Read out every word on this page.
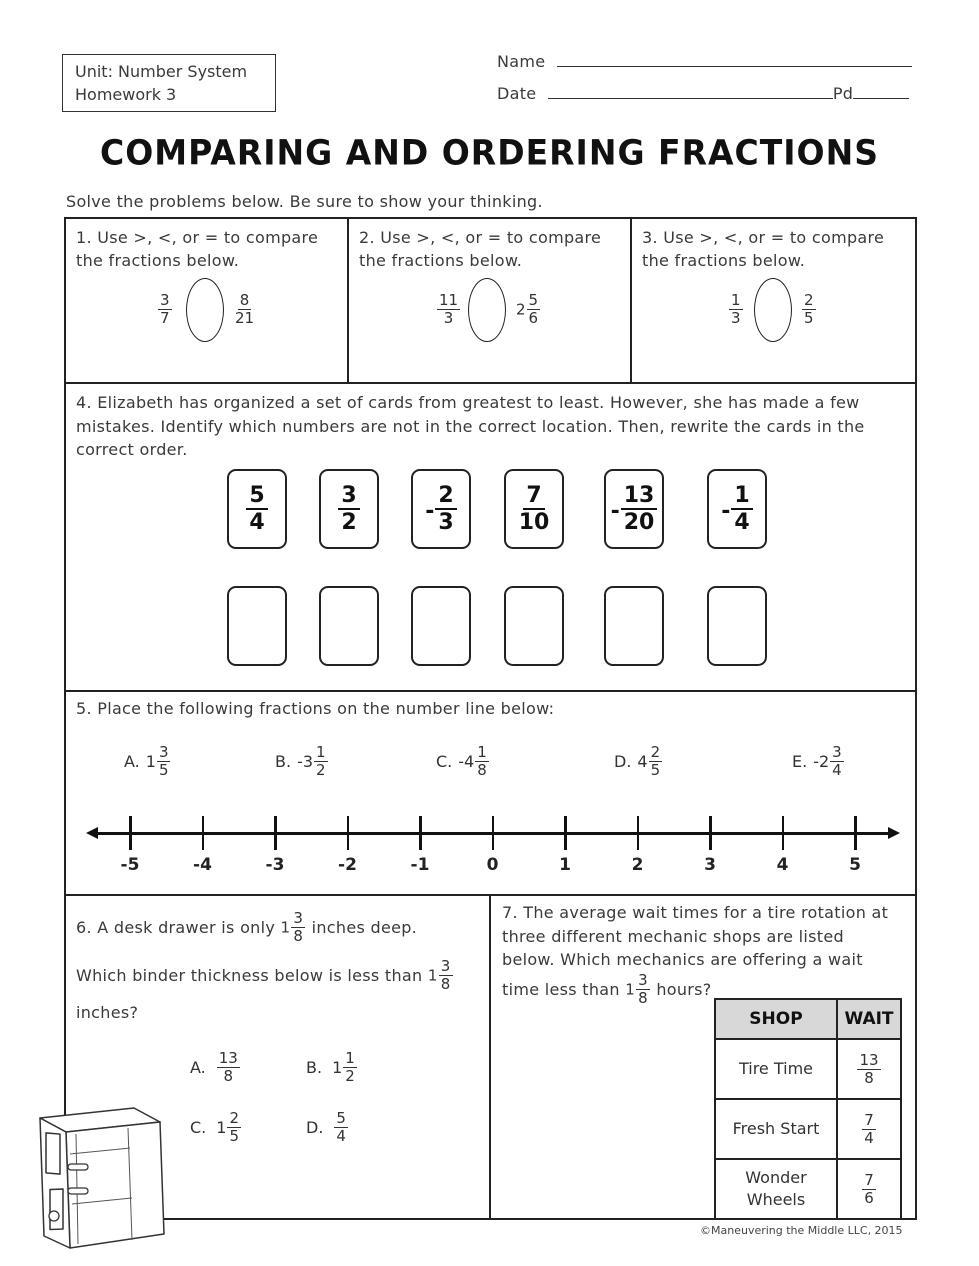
Unit: Number System
Homework 3
Name
Date	Pd
COMPARING AND ORDERING FRACTIONS
Solve the problems below. Be sure to show your thinking.
1. Use >, <, or = to compare the fractions below.
$\frac{3}{7}$	$\frac{8}{21}$
2. Use >, <, or = to compare the fractions below.
$\frac{11}{3}$	$2 \frac{5}{6}$
3. Use >, <, or = to compare the fractions below.
$\frac{1}{3}$	$\frac{2}{5}$
4. Elizabeth has organized a set of cards from greatest to least. However, she has made a few mistakes. Identify which numbers are not in the correct location. Then, rewrite the cards in the correct order.
$\frac{5}{4}$	$\frac{3}{2}$	- $\frac{2}{3}$	$\frac{7}{10}$	- $\frac{13}{20}$	- $\frac{1}{4}$
5. Place the following fractions on the number line below:
A. $1 \frac{3}{5}$	B. $-3 \frac{1}{2}$	C. $-4 \frac{1}{8}$	D. $4 \frac{2}{5}$	E. $-2 \frac{3}{4}$
-5	-4	-3	-2	-1	0	1	2	3	4	5
6. A desk drawer is only $1 \frac{3}{8}$ inches deep.
Which binder thickness below is less than $1 \frac{3}{8}$
inches?
A. $\frac{13}{8}$	B. $1 \frac{1}{2}$
C. $1 \frac{2}{5}$	D. $\frac{5}{4}$
7. The average wait times for a tire rotation at three different mechanic shops are listed below. Which mechanics are offering a wait
time less than $1 \frac{3}{8}$ hours?
SHOP	WAIT
Tire Time	$\frac{13}{8}$

Fresh Start	$\frac{7}{4}$

Wonder Wheels	$\frac{7}{6}$
©Maneuvering the Middle LLC, 2015
